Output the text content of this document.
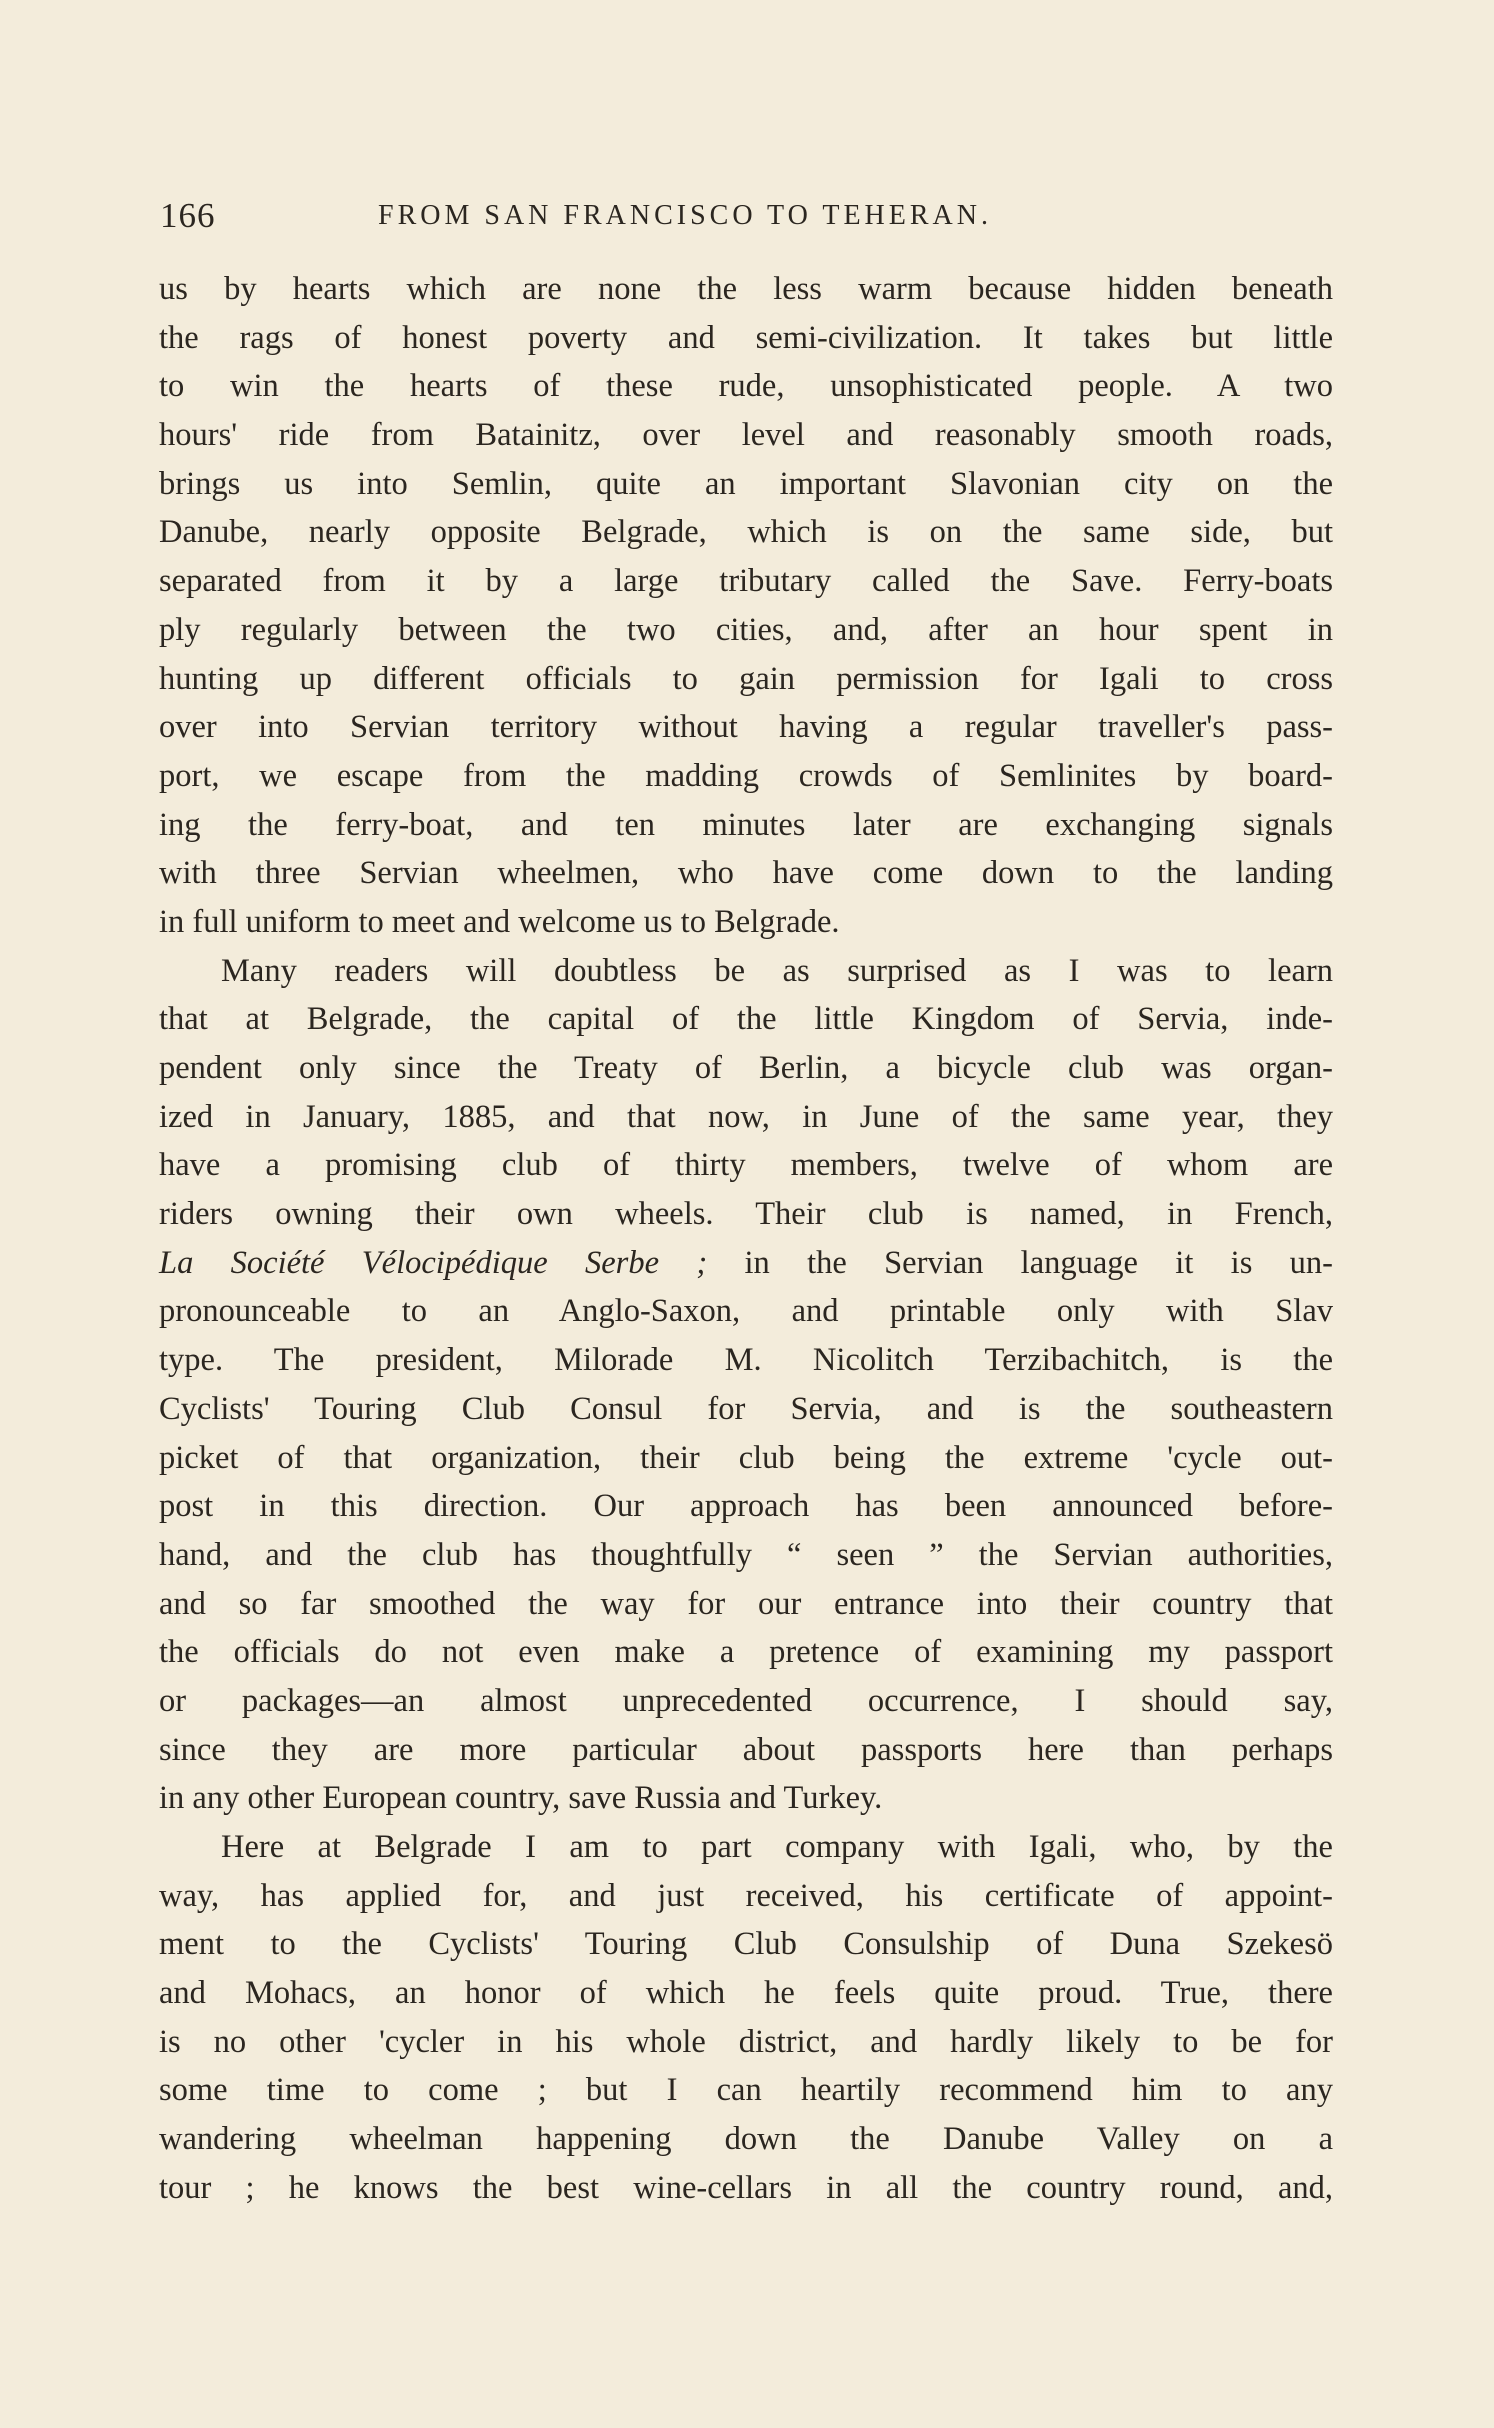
166	FROM SAN FRANCISCO TO TEHERAN.
us by hearts which are none the less warm because hidden beneath
the rags of honest poverty and semi-civilization. It takes but little
to win the hearts of these rude, unsophisticated people. A two
hours' ride from Batainitz, over level and reasonably smooth roads,
brings us into Semlin, quite an important Slavonian city on the
Danube, nearly opposite Belgrade, which is on the same side, but
separated from it by a large tributary called the Save. Ferry-boats
ply regularly between the two cities, and, after an hour spent in
hunting up different officials to gain permission for Igali to cross
over into Servian territory without having a regular traveller's pass-
port, we escape from the madding crowds of Semlinites by board-
ing the ferry-boat, and ten minutes later are exchanging signals
with three Servian wheelmen, who have come down to the landing
in full uniform to meet and welcome us to Belgrade.
Many readers will doubtless be as surprised as I was to learn
that at Belgrade, the capital of the little Kingdom of Servia, inde-
pendent only since the Treaty of Berlin, a bicycle club was organ-
ized in January, 1885, and that now, in June of the same year, they
have a promising club of thirty members, twelve of whom are
riders owning their own wheels. Their club is named, in French,
La Société Vélocipédique Serbe ; in the Servian language it is un-
pronounceable to an Anglo-Saxon, and printable only with Slav
type. The president, Milorade M. Nicolitch Terzibachitch, is the
Cyclists' Touring Club Consul for Servia, and is the southeastern
picket of that organization, their club being the extreme 'cycle out-
post in this direction. Our approach has been announced before-
hand, and the club has thoughtfully “ seen ” the Servian authorities,
and so far smoothed the way for our entrance into their country that
the officials do not even make a pretence of examining my passport
or packages—an almost unprecedented occurrence, I should say,
since they are more particular about passports here than perhaps
in any other European country, save Russia and Turkey.
Here at Belgrade I am to part company with Igali, who, by the
way, has applied for, and just received, his certificate of appoint-
ment to the Cyclists' Touring Club Consulship of Duna Szekesö
and Mohacs, an honor of which he feels quite proud. True, there
is no other 'cycler in his whole district, and hardly likely to be for
some time to come ; but I can heartily recommend him to any
wandering wheelman happening down the Danube Valley on a
tour ; he knows the best wine-cellars in all the country round, and,
